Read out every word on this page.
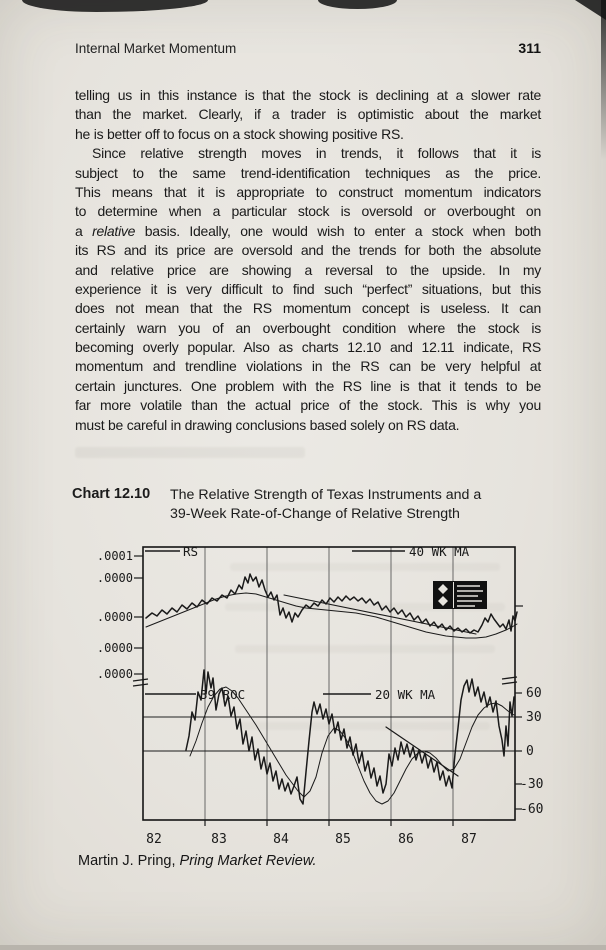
Internal Market Momentum	311
telling us in this instance is that the stock is declining at a slower rate
than the market. Clearly, if a trader is optimistic about the market
he is better off to focus on a stock showing positive RS.
Since relative strength moves in trends, it follows that it is
subject to the same trend-identification techniques as the price.
This means that it is appropriate to construct momentum indicators
to determine when a particular stock is oversold or overbought on
a relative basis. Ideally, one would wish to enter a stock when both
its RS and its price are oversold and the trends for both the absolute
and relative price are showing a reversal to the upside. In my
experience it is very difficult to find such “perfect” situations, but this
does not mean that the RS momentum concept is useless. It can
certainly warn you of an overbought condition where the stock is
becoming overly popular. Also as charts 12.10 and 12.11 indicate, RS
momentum and trendline violations in the RS can be very helpful at
certain junctures. One problem with the RS line is that it tends to be
far more volatile than the actual price of the stock. This is why you
must be careful in drawing conclusions based solely on RS data.
Chart 12.10	The Relative Strength of Texas Instruments and a
39-Week Rate-of-Change of Relative Strength
RS	40 WK MA
39 ROC	20 WK MA
.0001
.0000
.0000
.0000
.0000
60
30
0
-30
-60
82	83	84	85	86	87
Martin J. Pring, Pring Market Review.
